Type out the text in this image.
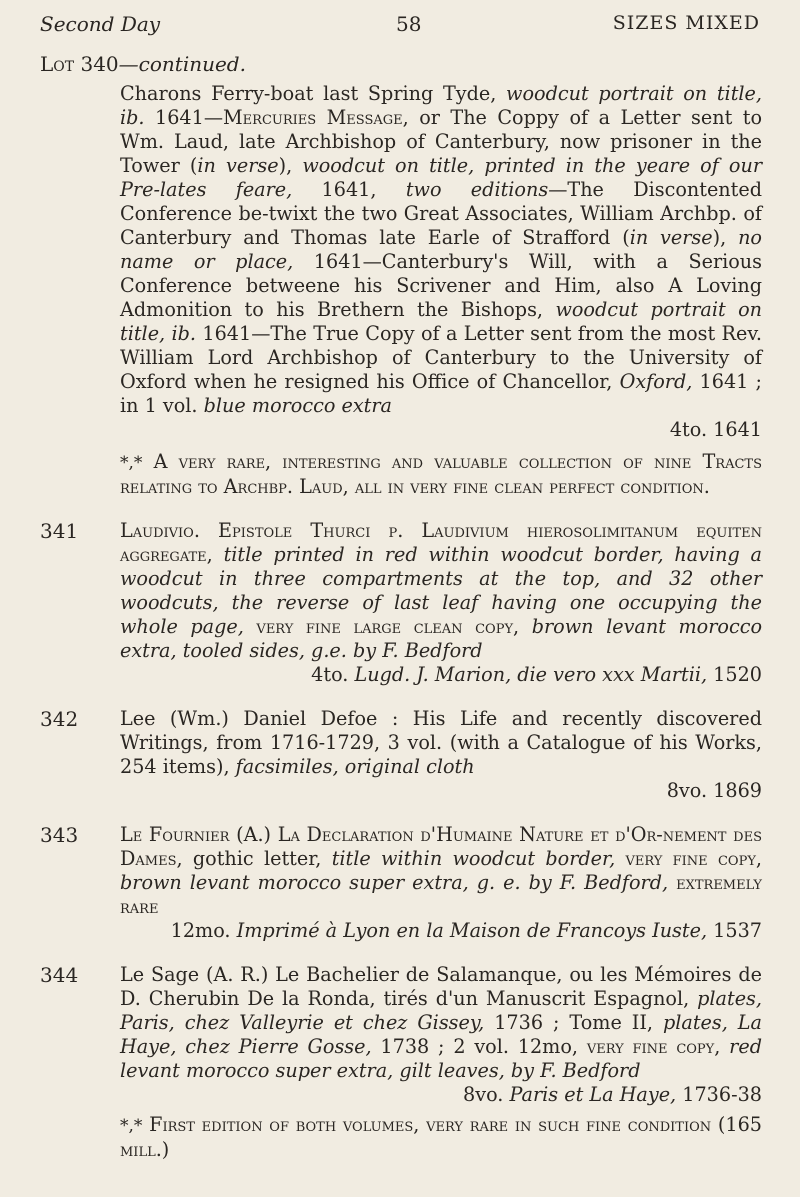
Second Day	58	SIZES MIXED
Lot 340—continued.
Charons Ferry-boat last Spring Tyde, woodcut portrait on title, ib. 1641—Mercuries Message, or The Coppy of a Letter sent to Wm. Laud, late Archbishop of Canterbury, now prisoner in the Tower (in verse), woodcut on title, printed in the yeare of our Pre-lates feare, 1641, two editions—The Discontented Conference be-twixt the two Great Associates, William Archbp. of Canterbury and Thomas late Earle of Strafford (in verse), no name or place, 1641—Canterbury's Will, with a Serious Conference betweene his Scrivener and Him, also A Loving Admonition to his Brethern the Bishops, woodcut portrait on title, ib. 1641—The True Copy of a Letter sent from the most Rev. William Lord Archbishop of Canterbury to the University of Oxford when he resigned his Office of Chancellor, Oxford, 1641 ; in 1 vol. blue morocco extra
4to. 1641
*,* A very rare, interesting and valuable collection of nine Tracts relating to Archbp. Laud, all in very fine clean perfect condition.
341 Laudivio. Epistole Thurci p. Laudivium hierosolimitanum equiten aggregate, title printed in red within woodcut border, having a woodcut in three compartments at the top, and 32 other woodcuts, the reverse of last leaf having one occupying the whole page, very fine large clean copy, brown levant morocco extra, tooled sides, g.e. by F. Bedford
4to. Lugd. J. Marion, die vero xxx Martii, 1520
342 Lee (Wm.) Daniel Defoe : His Life and recently discovered Writings, from 1716-1729, 3 vol. (with a Catalogue of his Works, 254 items), facsimiles, original cloth
8vo. 1869
343 Le Fournier (A.) La Declaration d'Humaine Nature et d'Or-nement des Dames, gothic letter, title within woodcut border, very fine copy, brown levant morocco super extra, g. e. by F. Bedford, extremely rare
12mo. Imprimé à Lyon en la Maison de Francoys Iuste, 1537
344 Le Sage (A. R.) Le Bachelier de Salamanque, ou les Mémoires de D. Cherubin De la Ronda, tirés d'un Manuscrit Espagnol, plates, Paris, chez Valleyrie et chez Gissey, 1736 ; Tome II, plates, La Haye, chez Pierre Gosse, 1738 ; 2 vol. 12mo, very fine copy, red levant morocco super extra, gilt leaves, by F. Bedford
8vo. Paris et La Haye, 1736-38
*,* First edition of both volumes, very rare in such fine condition (165 mill.)
